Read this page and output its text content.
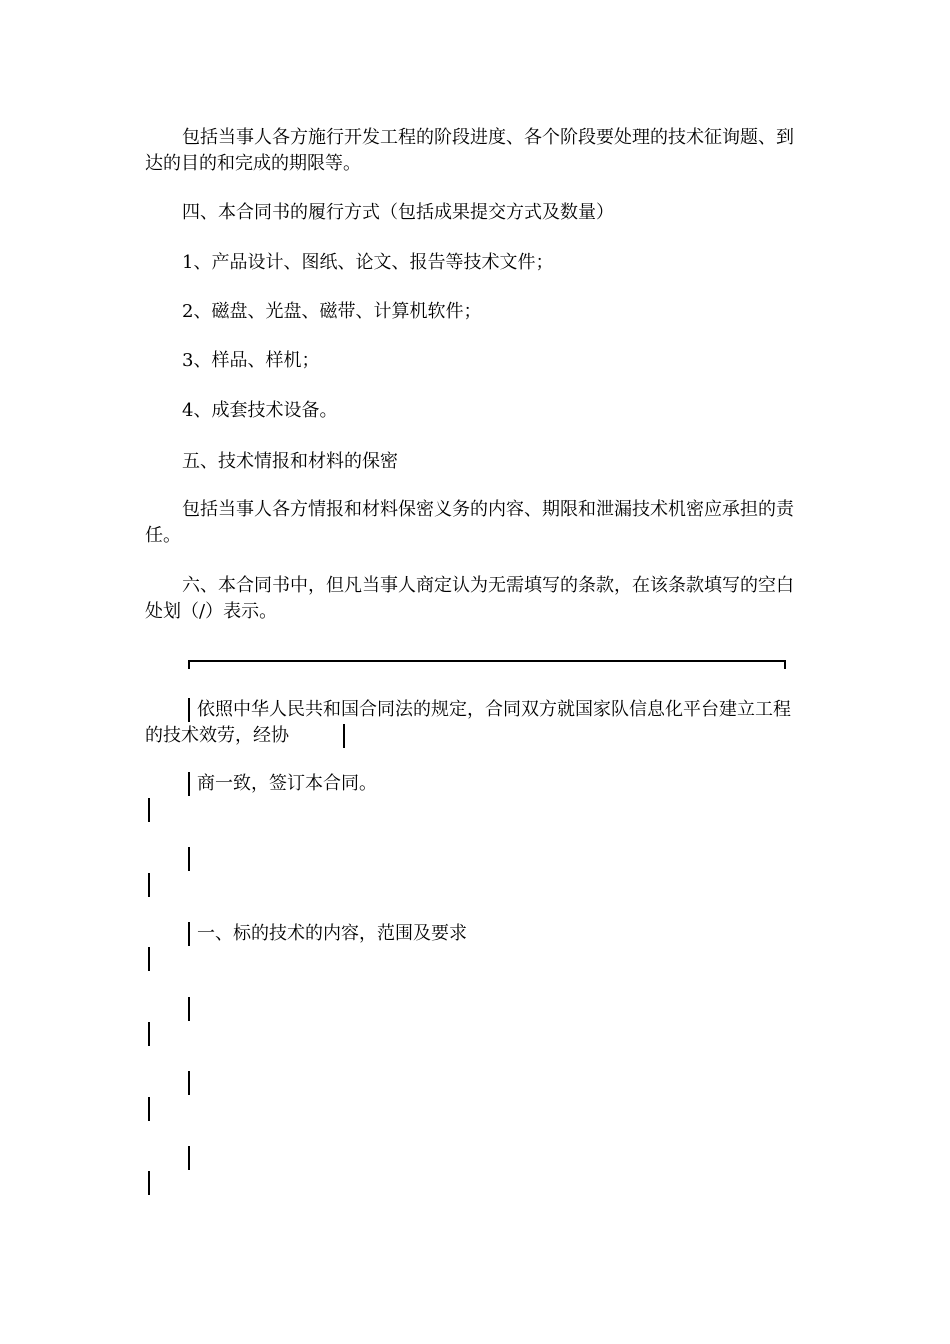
包括当事人各方施行开发工程的阶段进度、各个阶段要处理的技术征询题、到达的目的和完成的期限等。

四、本合同书的履行方式（包括成果提交方式及数量）

1、产品设计、图纸、论文、报告等技术文件；

2、磁盘、光盘、磁带、计算机软件；

3、样品、样机；

4、成套技术设备。

五、技术情报和材料的保密

包括当事人各方情报和材料保密义务的内容、期限和泄漏技术机密应承担的责任。

六、本合同书中，但凡当事人商定认为无需填写的条款，在该条款填写的空白处划（/）表示。

依照中华人民共和国合同法的规定，合同双方就国家队信息化平台建立工程的技术效劳，经协

商一致，签订本合同。

一、标的技术的内容，范围及要求
